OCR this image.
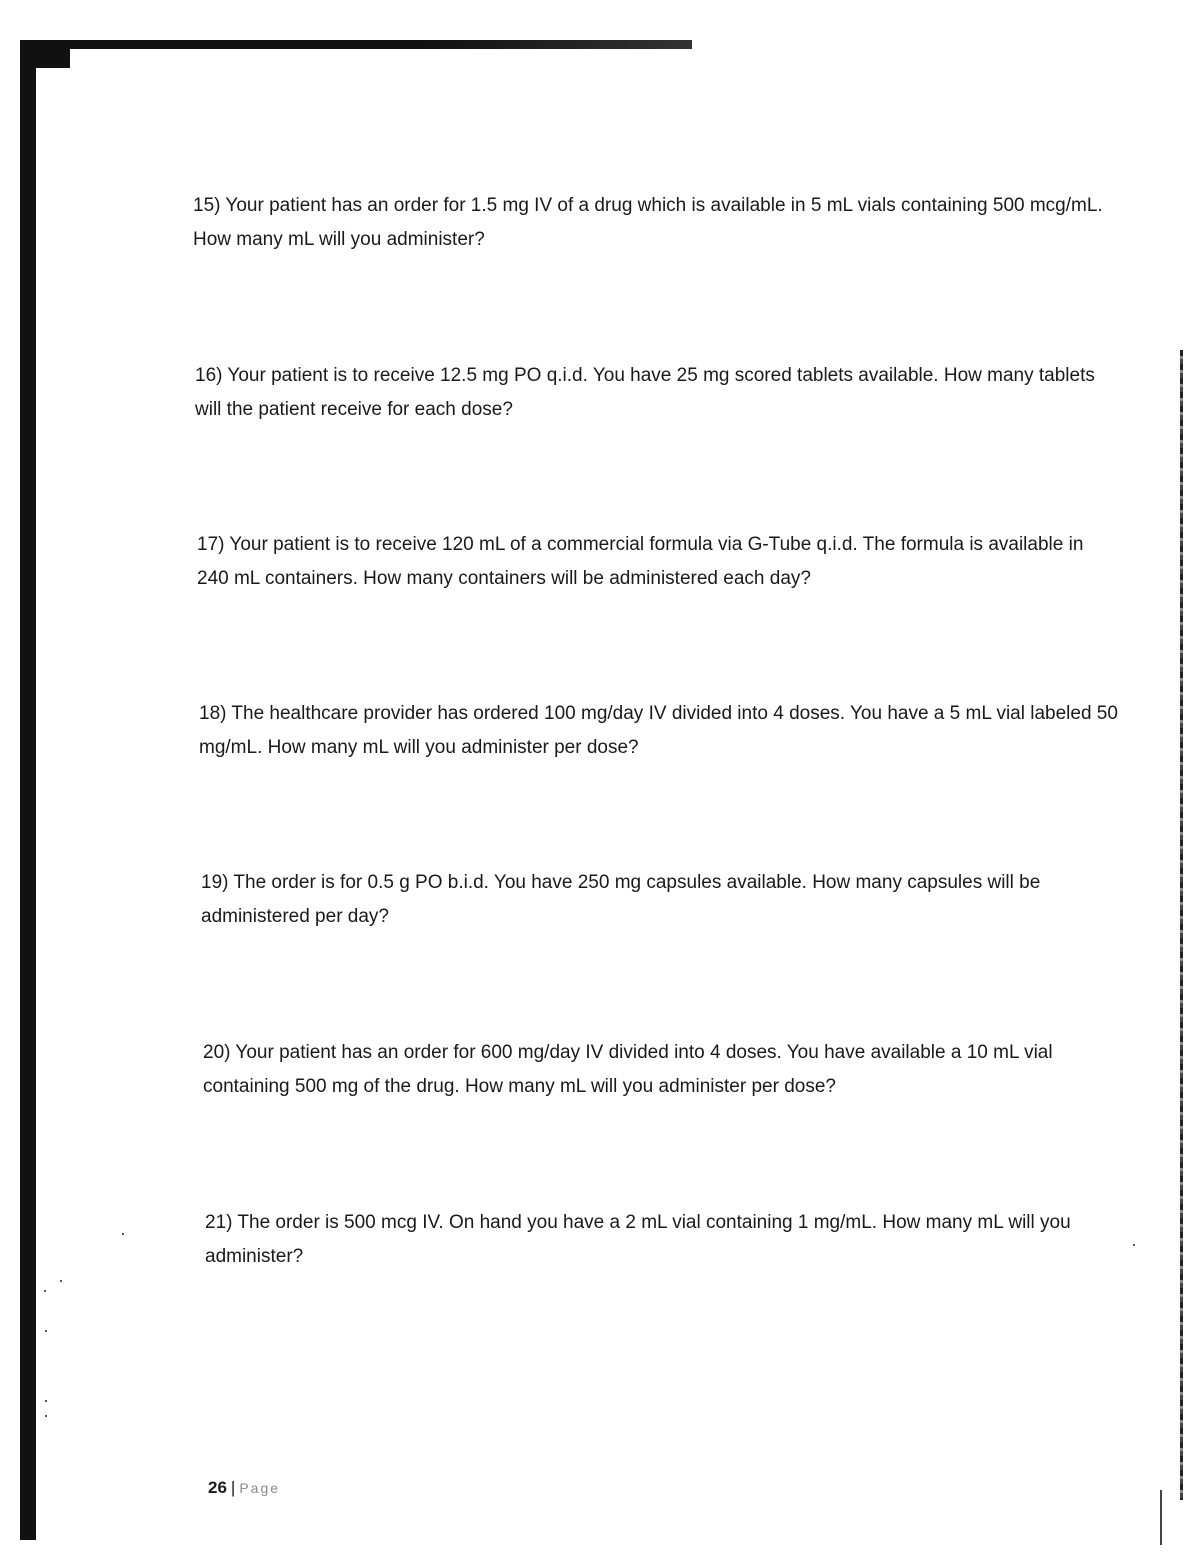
15) Your patient has an order for 1.5 mg IV of a drug which is available in 5 mL vials containing 500 mcg/mL. How many mL will you administer?

16) Your patient is to receive 12.5 mg PO q.i.d. You have 25 mg scored tablets available. How many tablets will the patient receive for each dose?

17) Your patient is to receive 120 mL of a commercial formula via G-Tube q.i.d. The formula is available in 240 mL containers. How many containers will be administered each day?

18) The healthcare provider has ordered 100 mg/day IV divided into 4 doses. You have a 5 mL vial labeled 50 mg/mL. How many mL will you administer per dose?

19) The order is for 0.5 g PO b.i.d. You have 250 mg capsules available. How many capsules will be administered per day?

20) Your patient has an order for 600 mg/day IV divided into 4 doses. You have available a 10 mL vial containing 500 mg of the drug. How many mL will you administer per dose?

21) The order is 500 mcg IV. On hand you have a 2 mL vial containing 1 mg/mL. How many mL will you administer?

26 | Page
